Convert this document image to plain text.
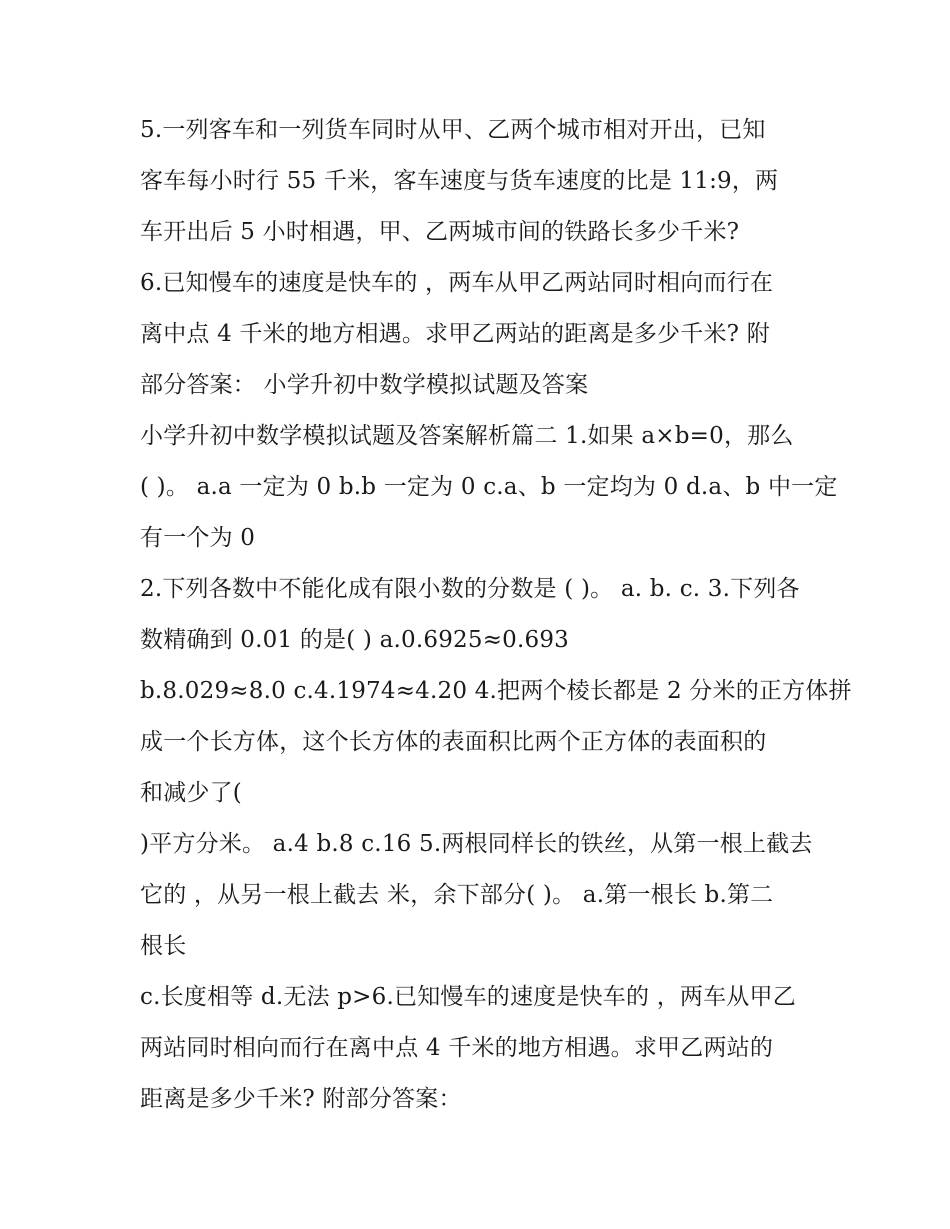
5.一列客车和一列货车同时从甲、乙两个城市相对开出，已知
客车每小时行 55 千米，客车速度与货车速度的比是 11:9，两
车开出后 5 小时相遇，甲、乙两城市间的铁路长多少千米?
6.已知慢车的速度是快车的 ，两车从甲乙两站同时相向而行在
离中点 4 千米的地方相遇。求甲乙两站的距离是多少千米? 附
部分答案： 小学升初中数学模拟试题及答案
小学升初中数学模拟试题及答案解析篇二 1.如果 a×b=0，那么
( )。 a.a 一定为 0 b.b 一定为 0 c.a、b 一定均为 0 d.a、b 中一定
有一个为 0
2.下列各数中不能化成有限小数的分数是 ( )。 a. b. c. 3.下列各
数精确到 0.01 的是( ) a.0.6925≈0.693
b.8.029≈8.0 c.4.1974≈4.20 4.把两个棱长都是 2 分米的正方体拼
成一个长方体，这个长方体的表面积比两个正方体的表面积的
和减少了(
)平方分米。 a.4 b.8 c.16 5.两根同样长的铁丝，从第一根上截去
它的 ，从另一根上截去 米，余下部分( )。 a.第一根长 b.第二
根长
c.长度相等 d.无法 p>6.已知慢车的速度是快车的 ，两车从甲乙
两站同时相向而行在离中点 4 千米的地方相遇。求甲乙两站的
距离是多少千米? 附部分答案：
